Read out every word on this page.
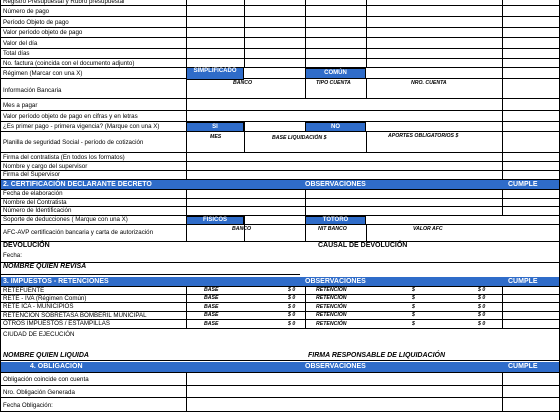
Registro Presupuestal y Rubro presupuestal
Número de pago
Período Objeto de pago
Valor período objeto de pago
Valor del día
Total días
No. factura (coincida con el documento adjunto)
Régimen (Marcar con una X)	SIMPLIFICADO	COMÚN
Información Bancaria
BANCO	TIPO CUENTA	NRO. CUENTA
Mes a pagar
Valor período objeto de pago en cifras y en letras
¿Es primer pago - primera vigencia? (Marque con una X)	SI	NO
Planilla de seguridad Social - período de cotización
MES	BASE LIQUIDACIÓN $	APORTES OBLIGATORIOS $
Firma del contratista (En todos los formatos)
Nombre y cargo del supervisor
Firma del Supervisor
2. CERTIFICACIÓN DECLARANTE DECRETO	OBSERVACIONES	CUMPLE
Fecha de elaboración
Nombre del Contratista
Número de Identificación
Soporte de deducciones ( Marque con una X)	FISICOS	TOTORO
AFC-AVP certificación bancaria y carta de autorización	BANCO	NIT BANCO	VALOR AFC
DEVOLUCIÓN	CAUSAL DE DEVOLUCIÓN
Fecha:
NOMBRE QUIEN REVISA
3. IMPUESTOS - RETENCIONES	OBSERVACIONES	CUMPLE
RETEFUENTE	BASE	$ 0	RETENCIÓN	$	$ 0
RETE - IVA (Régimen Común)	BASE	$ 0	RETENCIÓN	$	$ 0
RETE ICA - MUNICIPIOS	BASE	$ 0	RETENCIÓN	$	$ 0
RETENCIÓN SOBRETASA BOMBERIL MUNICIPAL	BASE	$ 0	RETENCIÓN	$	$ 0
OTROS IMPUESTOS / ESTAMPILLAS	BASE	$ 0	RETENCIÓN	$	$ 0
CIUDAD DE EJECUCIÓN
NOMBRE QUIEN LIQUIDA	FIRMA RESPONSABLE DE LIQUIDACIÓN
4. OBLIGACIÓN	OBSERVACIONES	CUMPLE
Obligación coincide con cuenta
Nro. Obligación Generada
Fecha Obligación:
